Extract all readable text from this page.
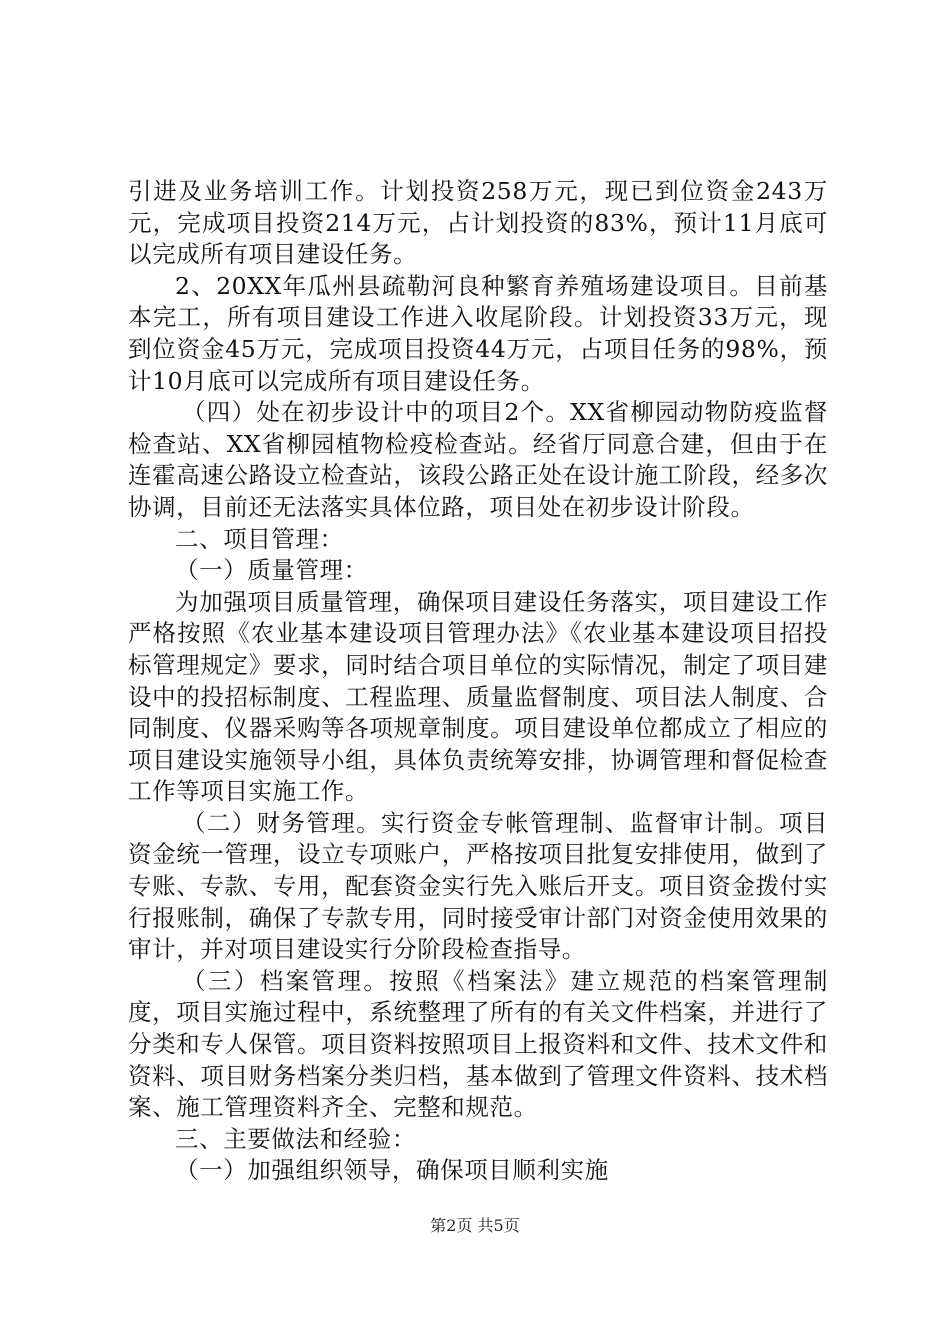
引进及业务培训工作。计划投资258万元，现已到位资金243万元，完成项目投资214万元，占计划投资的83%，预计11月底可以完成所有项目建设任务。

2、20XX年瓜州县疏勒河良种繁育养殖场建设项目。目前基本完工，所有项目建设工作进入收尾阶段。计划投资33万元，现到位资金45万元，完成项目投资44万元，占项目任务的98%，预计10月底可以完成所有项目建设任务。

（四）处在初步设计中的项目2个。XX省柳园动物防疫监督检查站、XX省柳园植物检疫检查站。经省厅同意合建，但由于在连霍高速公路设立检查站，该段公路正处在设计施工阶段，经多次协调，目前还无法落实具体位路，项目处在初步设计阶段。

二、项目管理：

（一）质量管理：

为加强项目质量管理，确保项目建设任务落实，项目建设工作严格按照《农业基本建设项目管理办法》《农业基本建设项目招投标管理规定》要求，同时结合项目单位的实际情况，制定了项目建设中的投招标制度、工程监理、质量监督制度、项目法人制度、合同制度、仪器采购等各项规章制度。项目建设单位都成立了相应的项目建设实施领导小组，具体负责统筹安排，协调管理和督促检查工作等项目实施工作。

（二）财务管理。实行资金专帐管理制、监督审计制。项目资金统一管理，设立专项账户，严格按项目批复安排使用，做到了专账、专款、专用，配套资金实行先入账后开支。项目资金拨付实行报账制，确保了专款专用，同时接受审计部门对资金使用效果的审计，并对项目建设实行分阶段检查指导。

（三）档案管理。按照《档案法》建立规范的档案管理制度，项目实施过程中，系统整理了所有的有关文件档案，并进行了分类和专人保管。项目资料按照项目上报资料和文件、技术文件和资料、项目财务档案分类归档，基本做到了管理文件资料、技术档案、施工管理资料齐全、完整和规范。

三、主要做法和经验：

（一）加强组织领导，确保项目顺利实施

第2页 共5页
